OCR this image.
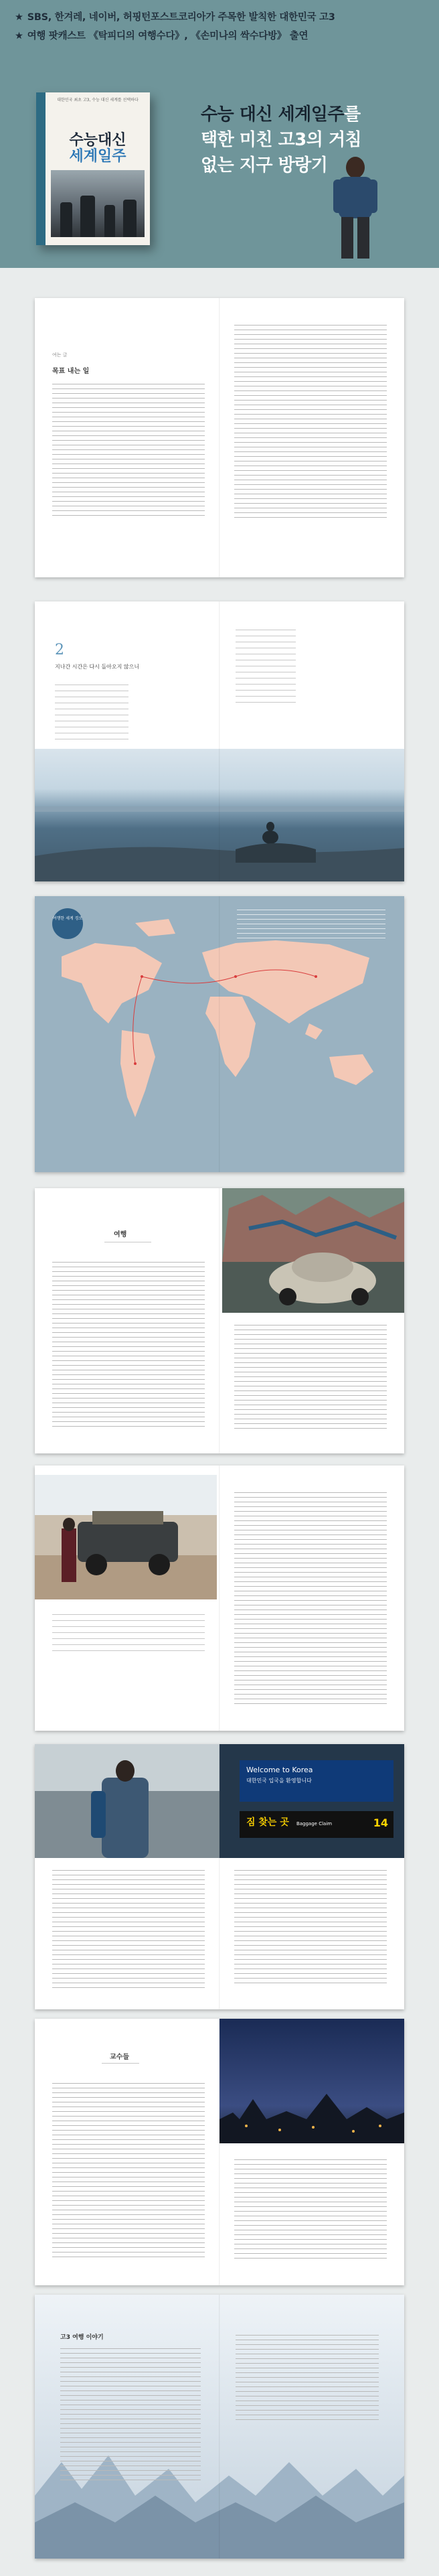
★ SBS, 한겨레, 네이버, 허핑턴포스트코리아가 주목한 발칙한 대한민국 고3
★ 여행 팟캐스트 《탁피디의 여행수다》, 《손미나의 싹수다방》 출연
대한민국 최초 고3, 수능 대신 세계를 선택하다
수능대신
세계일주
수능 대신 세계일주를
택한 미친 고3의 거침
없는 지구 방랑기
여는 글
목표 내는 일
2
지나간 시간은 다시 돌아오지 않으니
여행한 세계 경로
여행
Welcome to Korea
대한민국 입국을 환영합니다
짐 찾는 곳 Baggage Claim	14
교수들
고3 여행 이야기
